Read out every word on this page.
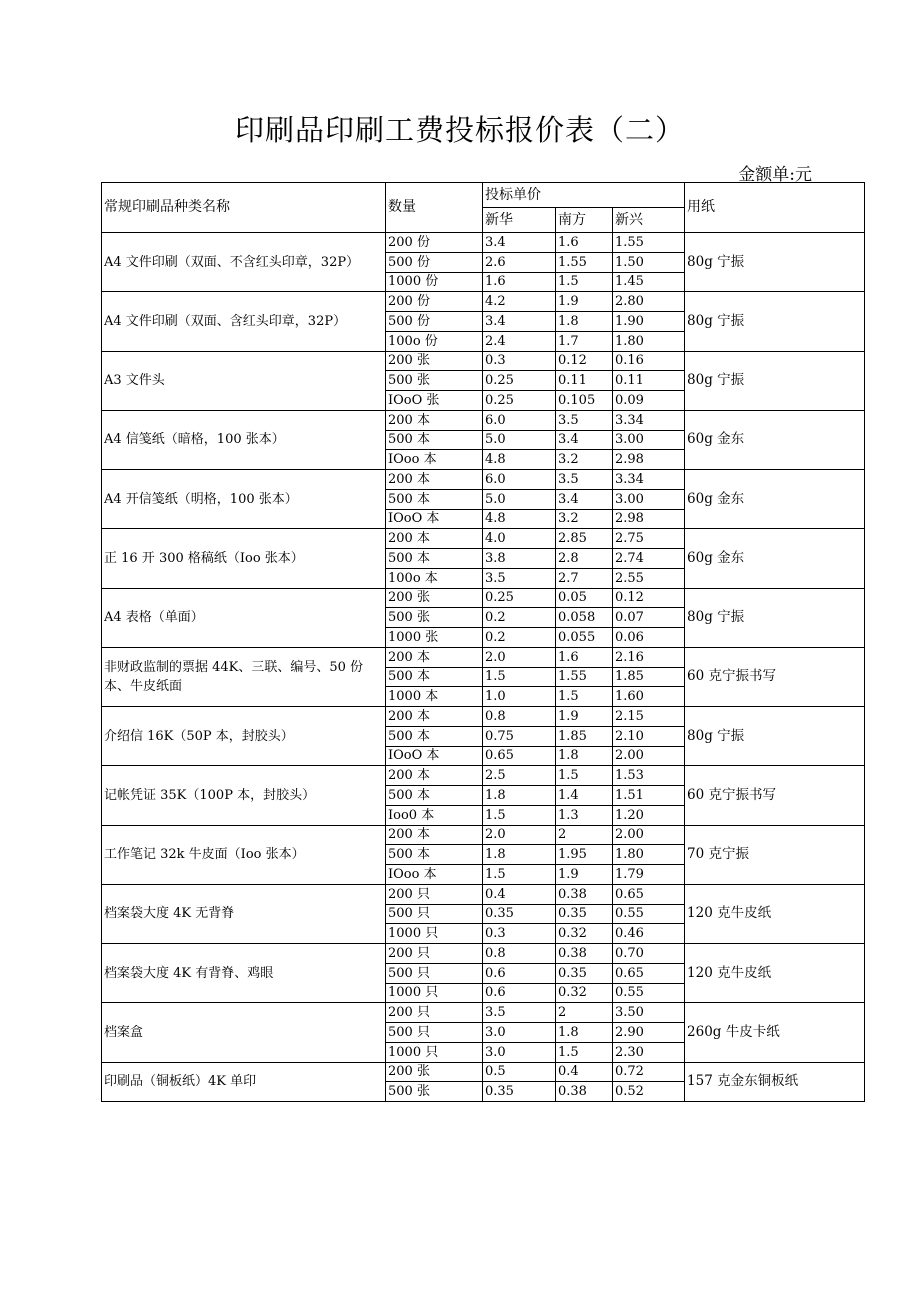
印刷品印刷工费投标报价表（二）
金额单:元
常规印刷品种类名称	数量	投标单价			用纸
		新华	南方	新兴	
A4 文件印刷（双面、不含红头印章，32P）	200 份	3.4	1.6	1.55	80g 宁振
	500 份	2.6	1.55	1.50	
	1000 份	1.6	1.5	1.45	
A4 文件印刷（双面、含红头印章，32P）	200 份	4.2	1.9	2.80	80g 宁振
	500 份	3.4	1.8	1.90	
	100o 份	2.4	1.7	1.80	
A3 文件头	200 张	0.3	0.12	0.16	80g 宁振
	500 张	0.25	0.11	0.11	
	IOoO 张	0.25	0.105	0.09	
A4 信笺纸（暗格，100 张本）	200 本	6.0	3.5	3.34	60g 金东
	500 本	5.0	3.4	3.00	
	IOoo 本	4.8	3.2	2.98	
A4 开信笺纸（明格，100 张本）	200 本	6.0	3.5	3.34	60g 金东
	500 本	5.0	3.4	3.00	
	IOoO 本	4.8	3.2	2.98	
正 16 开 300 格稿纸（Ioo 张本）	200 本	4.0	2.85	2.75	60g 金东
	500 本	3.8	2.8	2.74	
	100o 本	3.5	2.7	2.55	
A4 表格（单面）	200 张	0.25	0.05	0.12	80g 宁振
	500 张	0.2	0.058	0.07	
	1000 张	0.2	0.055	0.06	
非财政监制的票据 44K、三联、编号、50 份本、牛皮纸面	200 本	2.0	1.6	2.16	60 克宁振书写
	500 本	1.5	1.55	1.85	
	1000 本	1.0	1.5	1.60	
介绍信 16K（50P 本，封胶头）	200 本	0.8	1.9	2.15	80g 宁振
	500 本	0.75	1.85	2.10	
	IOoO 本	0.65	1.8	2.00	
记帐凭证 35K（100P 本，封胶头）	200 本	2.5	1.5	1.53	60 克宁振书写
	500 本	1.8	1.4	1.51	
	Ioo0 本	1.5	1.3	1.20	
工作笔记 32k 牛皮面（Ioo 张本）	200 本	2.0	2	2.00	70 克宁振
	500 本	1.8	1.95	1.80	
	IOoo 本	1.5	1.9	1.79	
档案袋大度 4K 无背脊	200 只	0.4	0.38	0.65	120 克牛皮纸
	500 只	0.35	0.35	0.55	
	1000 只	0.3	0.32	0.46	
档案袋大度 4K 有背脊、鸡眼	200 只	0.8	0.38	0.70	120 克牛皮纸
	500 只	0.6	0.35	0.65	
	1000 只	0.6	0.32	0.55	
档案盒	200 只	3.5	2	3.50	260g 牛皮卡纸
	500 只	3.0	1.8	2.90	
	1000 只	3.0	1.5	2.30	
印刷品（铜板纸）4K 单印	200 张	0.5	0.4	0.72	157 克金东铜板纸
	500 张	0.35	0.38	0.52	
